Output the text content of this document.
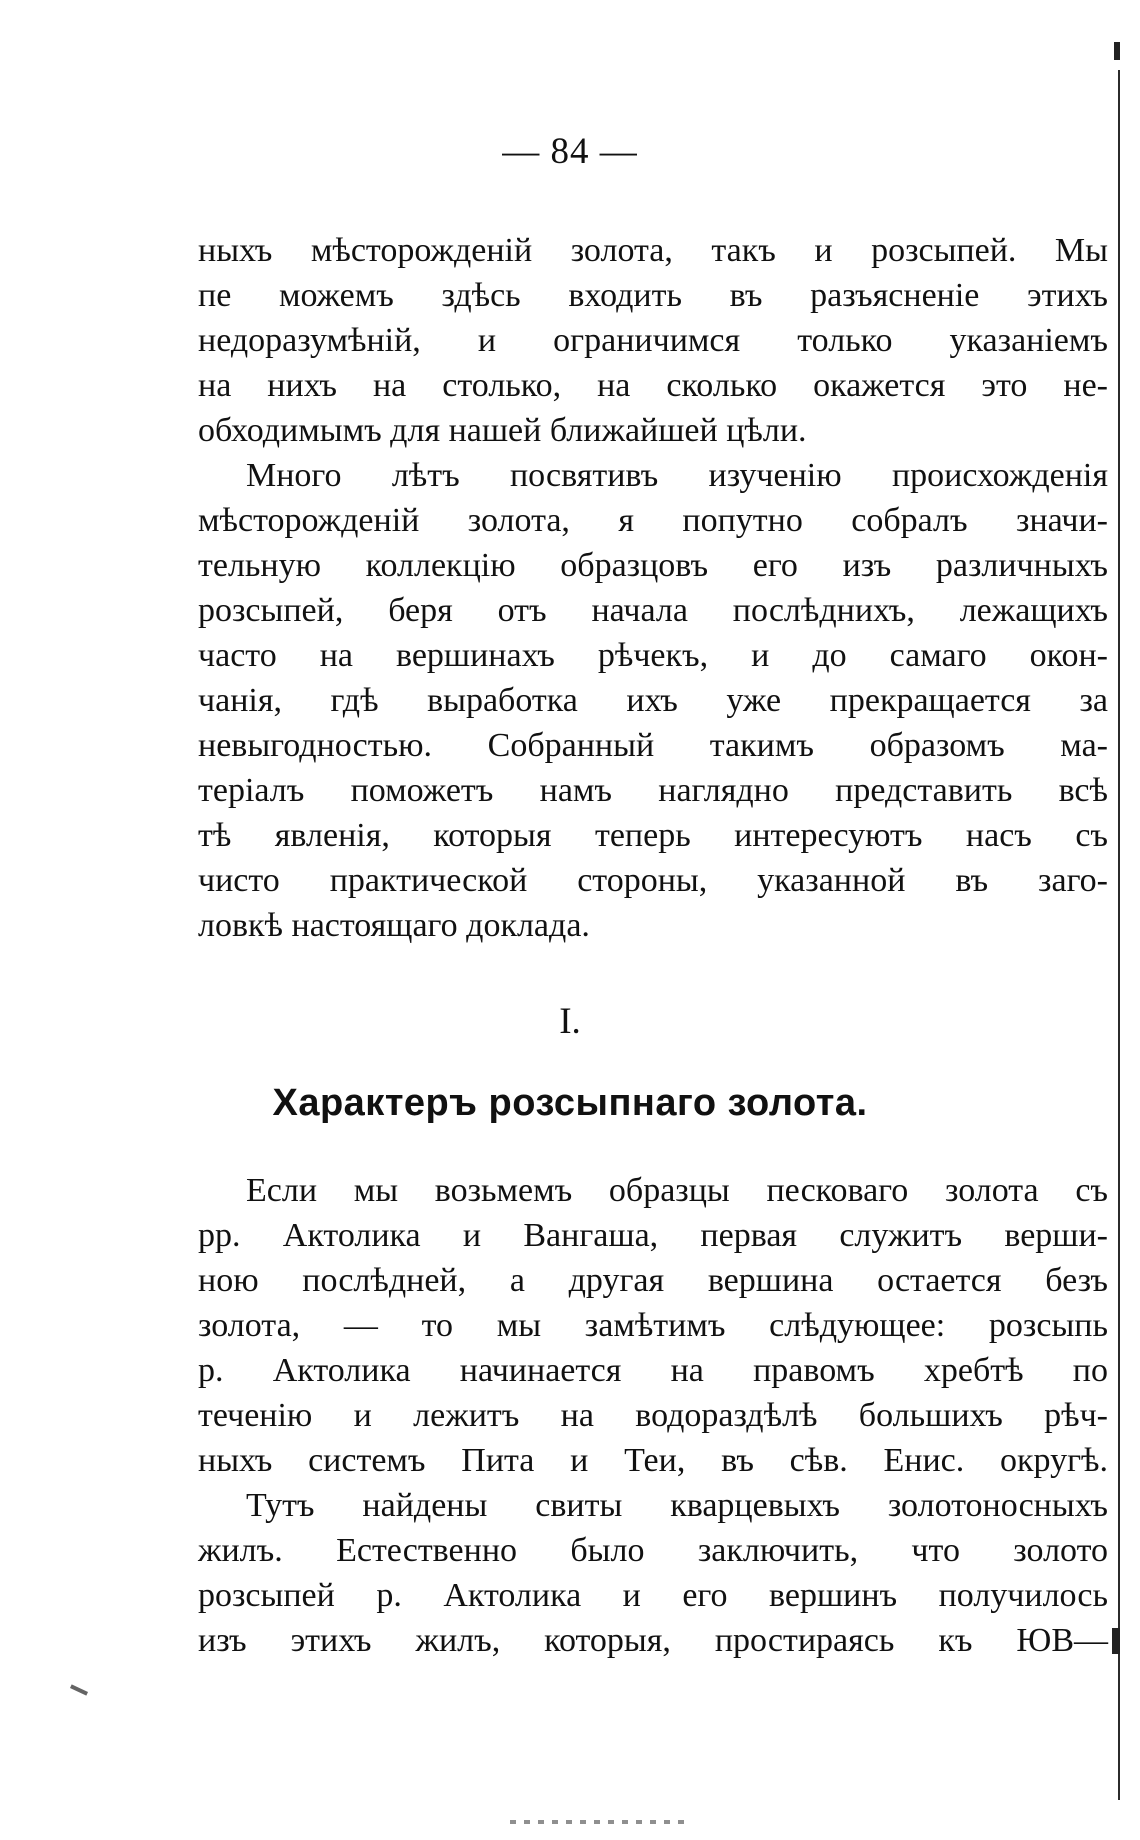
— 84 —
ныхъ мѣсторожденій золота, такъ и розсыпей. Мы
пе можемъ здѣсь входить въ разъясненіе этихъ
недоразумѣній, и ограничимся только указаніемъ
на нихъ на столько, на сколько окажется это не-
обходимымъ для нашей ближайшей цѣли.
Много лѣтъ посвятивъ изученію происхожденія
мѣсторожденій золота, я попутно собралъ значи-
тельную коллекцію образцовъ его изъ различныхъ
розсыпей, беря отъ начала послѣднихъ, лежащихъ
часто на вершинахъ рѣчекъ, и до самаго окон-
чанія, гдѣ выработка ихъ уже прекращается за
невыгодностью. Собранный такимъ образомъ ма-
теріалъ поможетъ намъ наглядно представить всѣ
тѣ явленія, которыя теперь интересуютъ насъ съ
чисто практической стороны, указанной въ заго-
ловкѣ настоящаго доклада.
I.
Характеръ розсыпнаго золота.
Если мы возьмемъ образцы песковаго золота съ
рр. Актолика и Вангаша, первая служитъ верши-
ною послѣдней, а другая вершина остается безъ
золота, — то мы замѣтимъ слѣдующее: розсыпь
р. Актолика начинается на правомъ хребтѣ по
теченію и лежитъ на водораздѣлѣ большихъ рѣч-
ныхъ системъ Пита и Теи, въ сѣв. Енис. округѣ.
Тутъ найдены свиты кварцевыхъ золотоносныхъ
жилъ. Естественно было заключить, что золото
розсыпей р. Актолика и его вершинъ получилось
изъ этихъ жилъ, которыя, простираясь къ ЮВ—
